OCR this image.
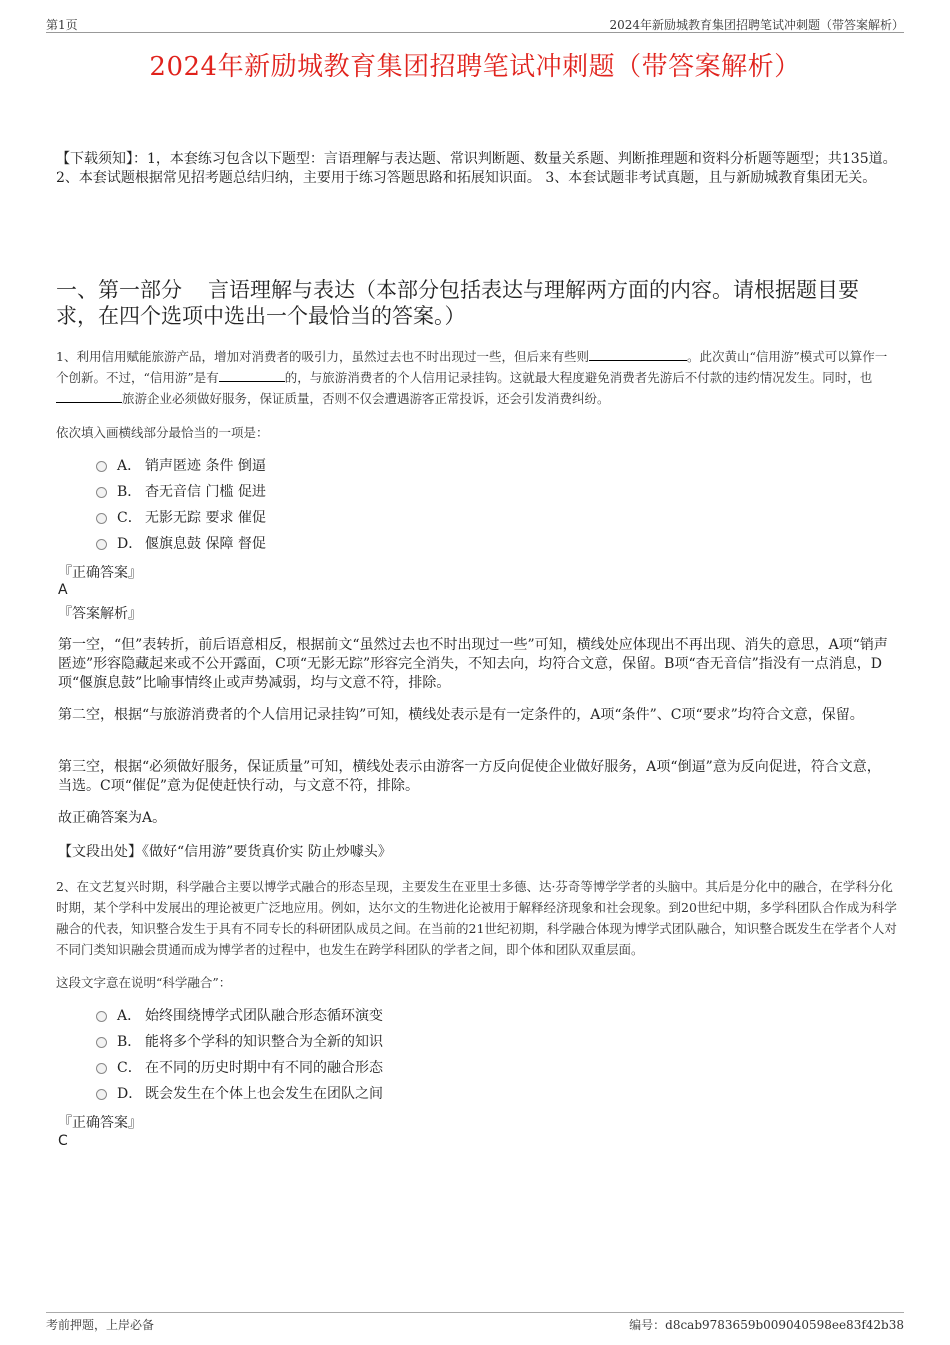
第1页	2024年新励城教育集团招聘笔试冲刺题（带答案解析）
2024年新励城教育集团招聘笔试冲刺题（带答案解析）
【下载须知】：1，本套练习包含以下题型：言语理解与表达题、常识判断题、数量关系题、判断推理题和资料分析题等题型；共135道。 2、本套试题根据常见招考题总结归纳，主要用于练习答题思路和拓展知识面。 3、本套试题非考试真题，且与新励城教育集团无关。
一、第一部分 言语理解与表达（本部分包括表达与理解两方面的内容。请根据题目要求，在四个选项中选出一个最恰当的答案。）
1、利用信用赋能旅游产品，增加对消费者的吸引力，虽然过去也不时出现过一些，但后来有些则	。此次黄山“信用游”模式可以算作一个创新。不过，“信用游”是有	的，与旅游消费者的个人信用记录挂钩。这就最大程度避免消费者先游后不付款的违约情况发生。同时，也旅游企业必须做好服务，保证质量，否则不仅会遭遇游客正常投诉，还会引发消费纠纷。
依次填入画横线部分最恰当的一项是：
A． 销声匿迹 条件 倒逼
B． 杳无音信 门槛 促进
C． 无影无踪 要求 催促
D． 偃旗息鼓 保障 督促
『正确答案』
A
『答案解析』
第一空，“但”表转折，前后语意相反，根据前文“虽然过去也不时出现过一些”可知，横线处应体现出不再出现、消失的意思，A项“销声匿迹”形容隐藏起来或不公开露面，C项“无影无踪”形容完全消失，不知去向，均符合文意，保留。B项“杳无音信”指没有一点消息，D项“偃旗息鼓”比喻事情终止或声势减弱，均与文意不符，排除。
第二空，根据“与旅游消费者的个人信用记录挂钩”可知，横线处表示是有一定条件的，A项“条件”、C项“要求”均符合文意，保留。
第三空，根据“必须做好服务，保证质量”可知，横线处表示由游客一方反向促使企业做好服务，A项“倒逼”意为反向促进，符合文意，当选。C项“催促”意为促使赶快行动，与文意不符，排除。
故正确答案为A。
【文段出处】《做好“信用游”要货真价实 防止炒噱头》
2、在文艺复兴时期，科学融合主要以博学式融合的形态呈现，主要发生在亚里士多德、达·芬奇等博学学者的头脑中。其后是分化中的融合，在学科分化时期，某个学科中发展出的理论被更广泛地应用。例如，达尔文的生物进化论被用于解释经济现象和社会现象。到20世纪中期，多学科团队合作成为科学融合的代表，知识整合发生于具有不同专长的科研团队成员之间。在当前的21世纪初期，科学融合体现为博学式团队融合，知识整合既发生在学者个人对不同门类知识融会贯通而成为博学者的过程中，也发生在跨学科团队的学者之间，即个体和团队双重层面。
这段文字意在说明“科学融合”：
A． 始终围绕博学式团队融合形态循环演变
B． 能将多个学科的知识整合为全新的知识
C． 在不同的历史时期中有不同的融合形态
D． 既会发生在个体上也会发生在团队之间
『正确答案』
C
考前押题，上岸必备	编号：d8cab9783659b009040598ee83f42b38
